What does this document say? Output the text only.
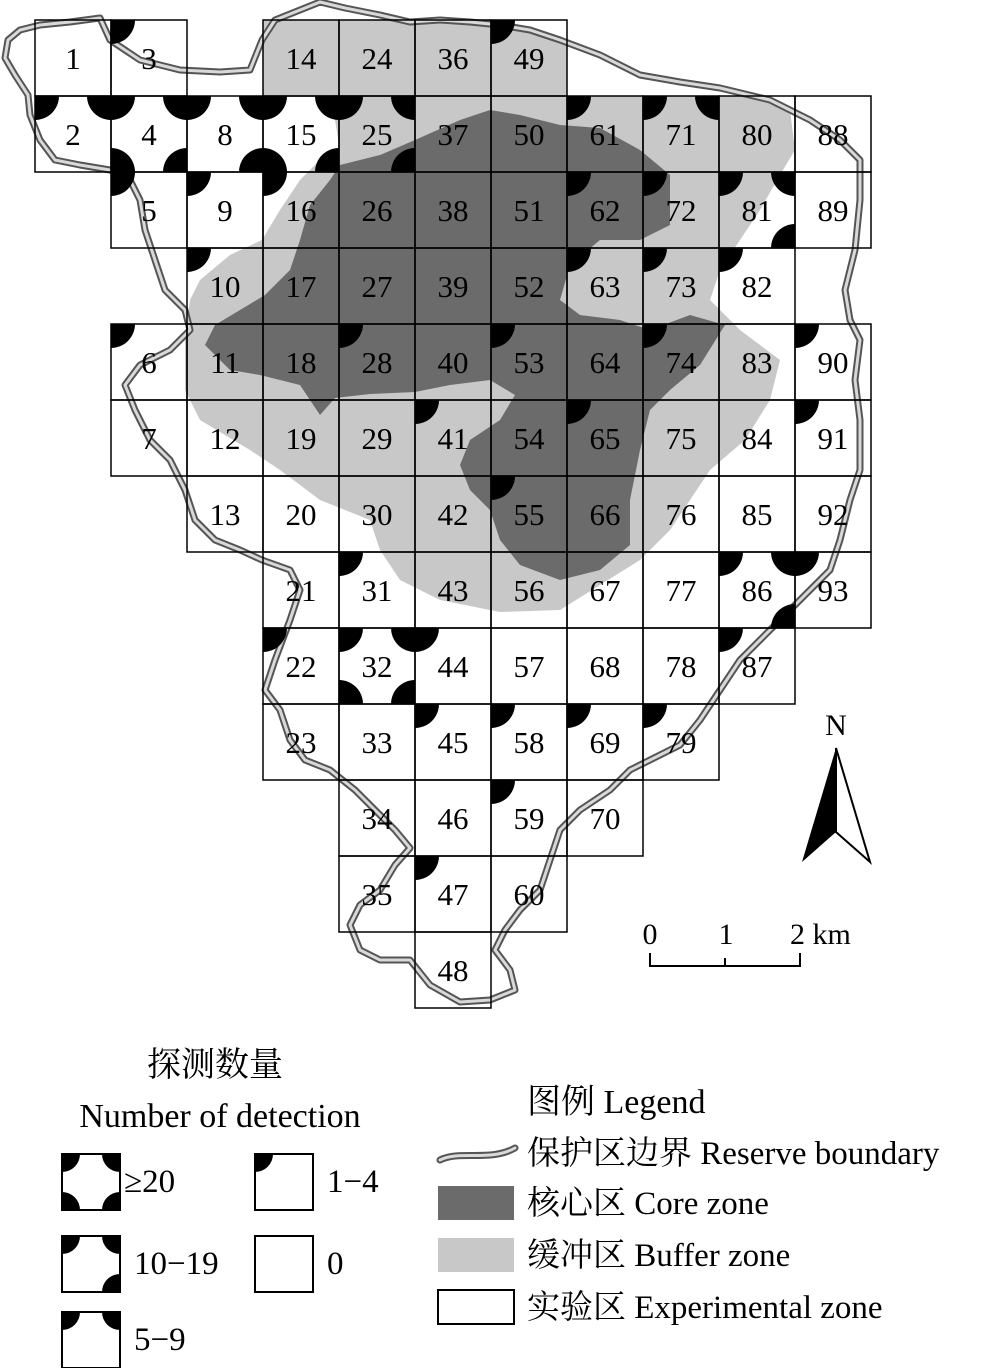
1
2
3
4
5
6
7
8
9
10
11
12
13
14
15
16
17
18
19
20
21
22
23
24
25
26
27
28
29
30
31
32
33
34
35
36
37
38
39
40
41
42
43
44
45
46
47
48
49
50
51
52
53
54
55
56
57
58
59
60
61
62
63
64
65
66
67
68
69
70
71
72
73
74
75
76
77
78
79
80
81
82
83
84
85
86
87
88
89
90
91
92
93
N
0 1 2 km
探测数量
Number of detection
≥20	1−4
10−19	0
5−9
图例 Legend
保护区边界 Reserve boundary
核心区 Core zone
缓冲区 Buffer zone
实验区 Experimental zone
